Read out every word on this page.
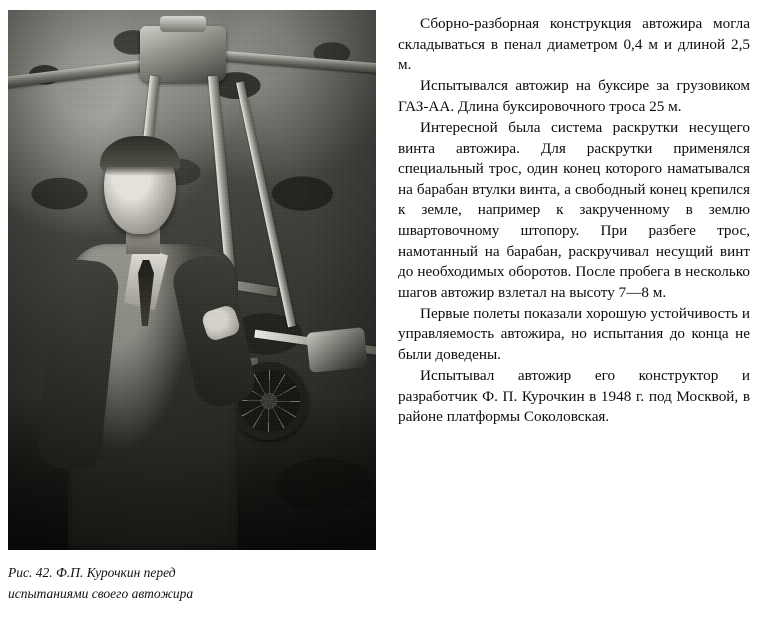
Рис. 42. Ф.П. Курочкин перед
испытаниями своего автожира

Сборно-разборная конструкция автожира могла складываться в пенал диаметром 0,4 м и длиной 2,5 м.

Испытывался автожир на буксире за грузовиком ГАЗ-АА. Длина буксировочного троса 25 м.

Интересной была система раскрутки несущего винта автожира. Для раскрутки применялся специальный трос, один конец которого наматывался на барабан втулки винта, а свободный конец крепился к земле, например к закрученному в землю швартовочному штопору. При разбеге трос, намотанный на барабан, раскручивал несущий винт до необходимых оборотов. После пробега в несколько шагов автожир взлетал на высоту 7—8 м.

Первые полеты показали хорошую устойчивость и управляемость автожира, но испытания до конца не были доведены.

Испытывал автожир его конструктор и разработчик Ф. П. Курочкин в 1948 г. под Москвой, в районе платформы Соколовская.
